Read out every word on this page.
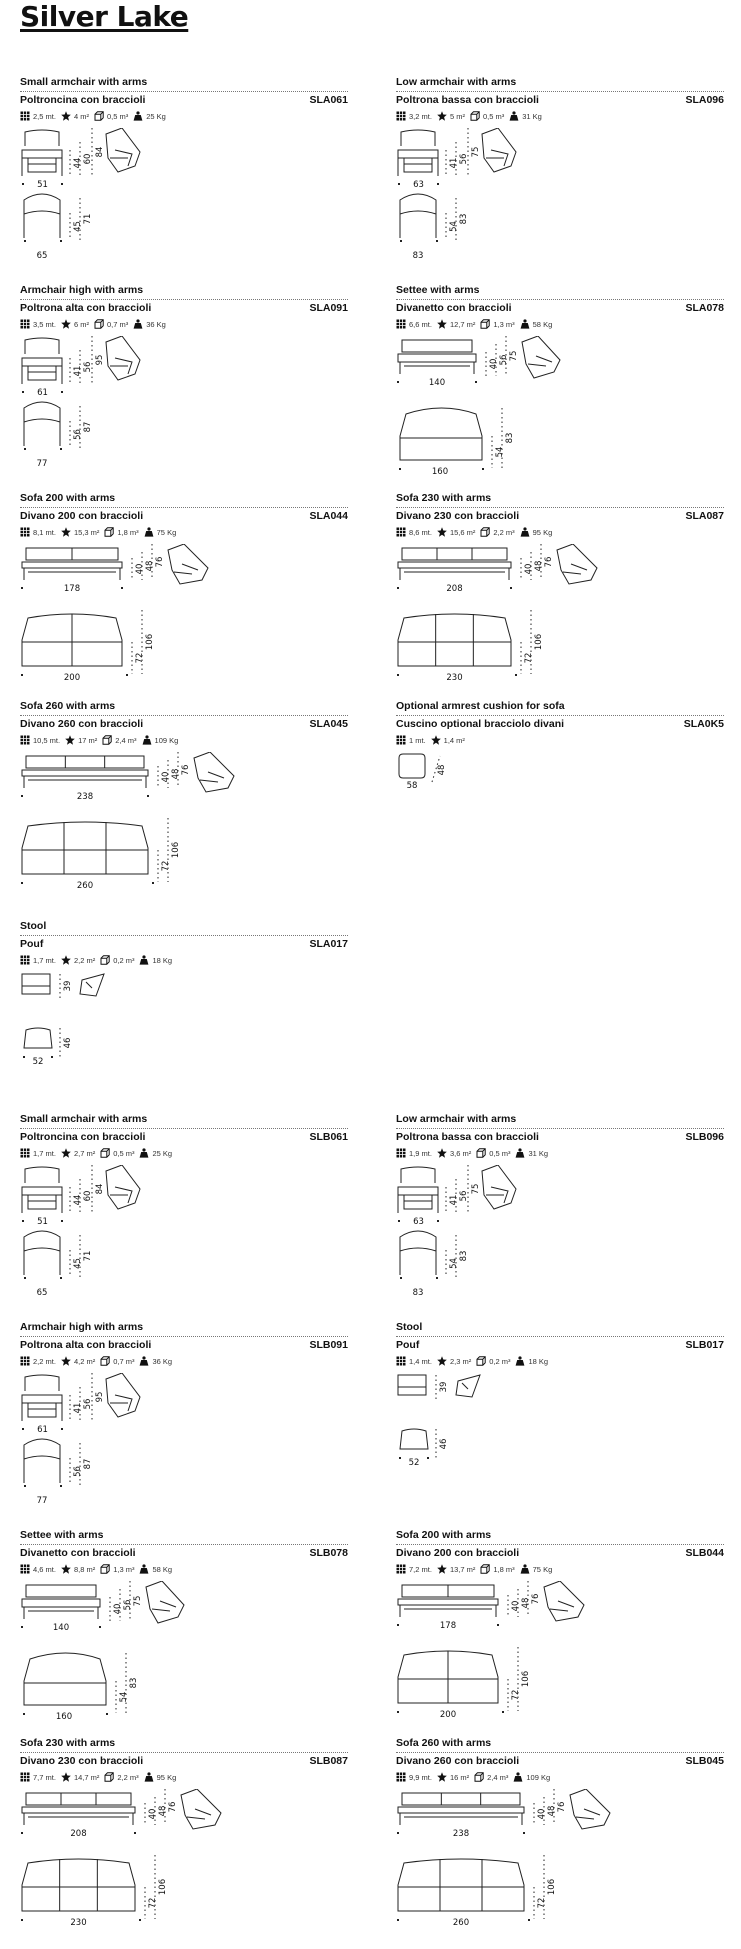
Silver Lake
Small armchair with arms
Poltroncina con braccioli	SLA061
2,5 mt. 4 m² 0,5 m³ 25 Kg
51
44 60
84
65
45
71
Low armchair with arms
Poltrona bassa con braccioli	SLA096
3,2 mt. 5 m² 0,5 m³ 31 Kg
63
41 56
75
83
54
83
Armchair high with arms
Poltrona alta con braccioli	SLA091
3,5 mt. 6 m² 0,7 m³ 36 Kg
61
41 56
95
77
56
87
Settee with arms
Divanetto con braccioli	SLA078
6,6 mt. 12,7 m² 1,3 m³ 58 Kg
140
40 56 75
160
54
83
Sofa 200 with arms
Divano 200 con braccioli	SLA044
8,1 mt. 15,3 m² 1,8 m³ 75 Kg
178
40 48 76
200
72
106
Sofa 230 with arms
Divano 230 con braccioli	SLA087
8,6 mt. 15,6 m² 2,2 m³ 95 Kg
208
40 48 76
230
72
106
Sofa 260 with arms
Divano 260 con braccioli	SLA045
10,5 mt. 17 m² 2,4 m³ 109 Kg
238
40 48 76
260
72
106
Optional armrest cushion for sofa
Cuscino optional bracciolo divani	SLA0K5
1 mt. 1,4 m²
48
58
Stool
Pouf	SLA017
1,7 mt. 2,2 m² 0,2 m³ 18 Kg
39
52
46
Small armchair with arms
Poltroncina con braccioli	SLB061
1,7 mt. 2,7 m² 0,5 m³ 25 Kg
51
44 60
84
65
45
71
Low armchair with arms
Poltrona bassa con braccioli	SLB096
1,9 mt. 3,6 m² 0,5 m³ 31 Kg
63
41 56
75
83
54
83
Armchair high with arms
Poltrona alta con braccioli	SLB091
2,2 mt. 4,2 m² 0,7 m³ 36 Kg
61
41 56
95
77
56
87
Stool
Pouf	SLB017
1,4 mt. 2,3 m² 0,2 m³ 18 Kg
39
52
46
Settee with arms
Divanetto con braccioli	SLB078
4,6 mt. 8,8 m² 1,3 m³ 58 Kg
140
40 56 75
160
54
83
Sofa 200 with arms
Divano 200 con braccioli	SLB044
7,2 mt. 13,7 m² 1,8 m³ 75 Kg
178
40 48 76
200
72
106
Sofa 230 with arms
Divano 230 con braccioli	SLB087
7,7 mt. 14,7 m² 2,2 m³ 95 Kg
208
40 48 76
230
72
106
Sofa 260 with arms
Divano 260 con braccioli	SLB045
9,9 mt. 16 m² 2,4 m³ 109 Kg
238
40 48 76
260
72
106
